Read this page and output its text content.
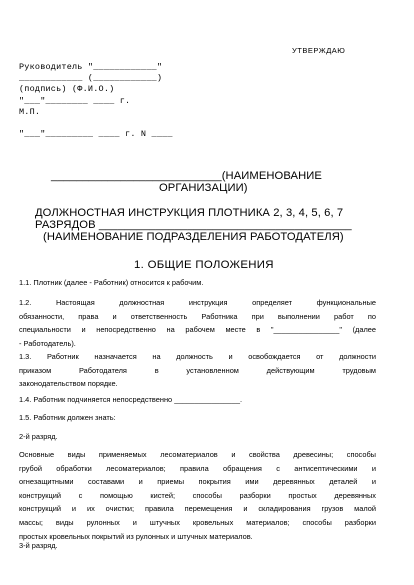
УТВЕРЖДАЮ
Руководитель "____________"
____________ (____________)
(подпись) (Ф.И.О.)
"___"________ ____ г.
М.П.
"___"_________ ____ г. N ____
___________________________(НАИМЕНОВАНИЕ
ОРГАНИЗАЦИИ)
ДОЛЖНОСТНАЯ ИНСТРУКЦИЯ ПЛОТНИКА 2, 3, 4, 5, 6, 7
РАЗРЯДОВ ________________________________________
(НАИМЕНОВАНИЕ ПОДРАЗДЕЛЕНИЯ РАБОТОДАТЕЛЯ)
1. ОБЩИЕ ПОЛОЖЕНИЯ
1.1. Плотник (далее - Работник) относится к рабочим.
1.2. Настоящая должностная инструкция определяет функциональные
обязанности, права и ответственность Работника при выполнении работ по
специальности и непосредственно на рабочем месте в "________________" (далее
- Работодатель).
1.3. Работник назначается на должность и освобождается от должности
приказом Работодателя в установленном действующим трудовым
законодательством порядке.
1.4. Работник подчиняется непосредственно ________________.
1.5. Работник должен знать:
2-й разряд.
Основные виды применяемых лесоматериалов и свойства древесины; способы
грубой обработки лесоматериалов; правила обращения с антисептическими и
огнезащитными составами и приемы покрытия ими деревянных деталей и
конструкций с помощью кистей; способы разборки простых деревянных
конструкций и их очистки; правила перемещения и складирования грузов малой
массы; виды рулонных и штучных кровельных материалов; способы разборки
простых кровельных покрытий из рулонных и штучных материалов.
3-й разряд.
